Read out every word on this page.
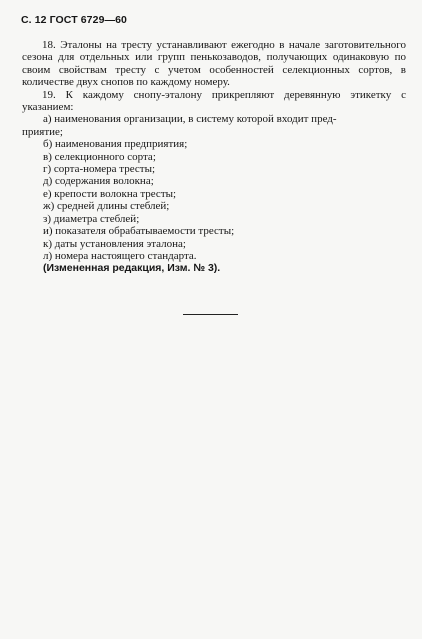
С. 12 ГОСТ 6729—60

18. Эталоны на тресту устанавливают ежегодно в начале заготовительного сезона для отдельных или групп пенькозаводов, получающих одинаковую по своим свойствам тресту с учетом особенностей селекционных сортов, в количестве двух снопов по каждому номеру.

19. К каждому снопу-эталону прикрепляют деревянную этикетку с указанием:

а) наименования организации, в систему которой входит пред-
приятие;

б) наименования предприятия;

в) селекционного сорта;

г) сорта-номера тресты;

д) содержания волокна;

е) крепости волокна тресты;

ж) средней длины стеблей;

з) диаметра стеблей;

и) показателя обрабатываемости тресты;

к) даты установления эталона;

л) номера настоящего стандарта.

(Измененная редакция, Изм. № 3).
